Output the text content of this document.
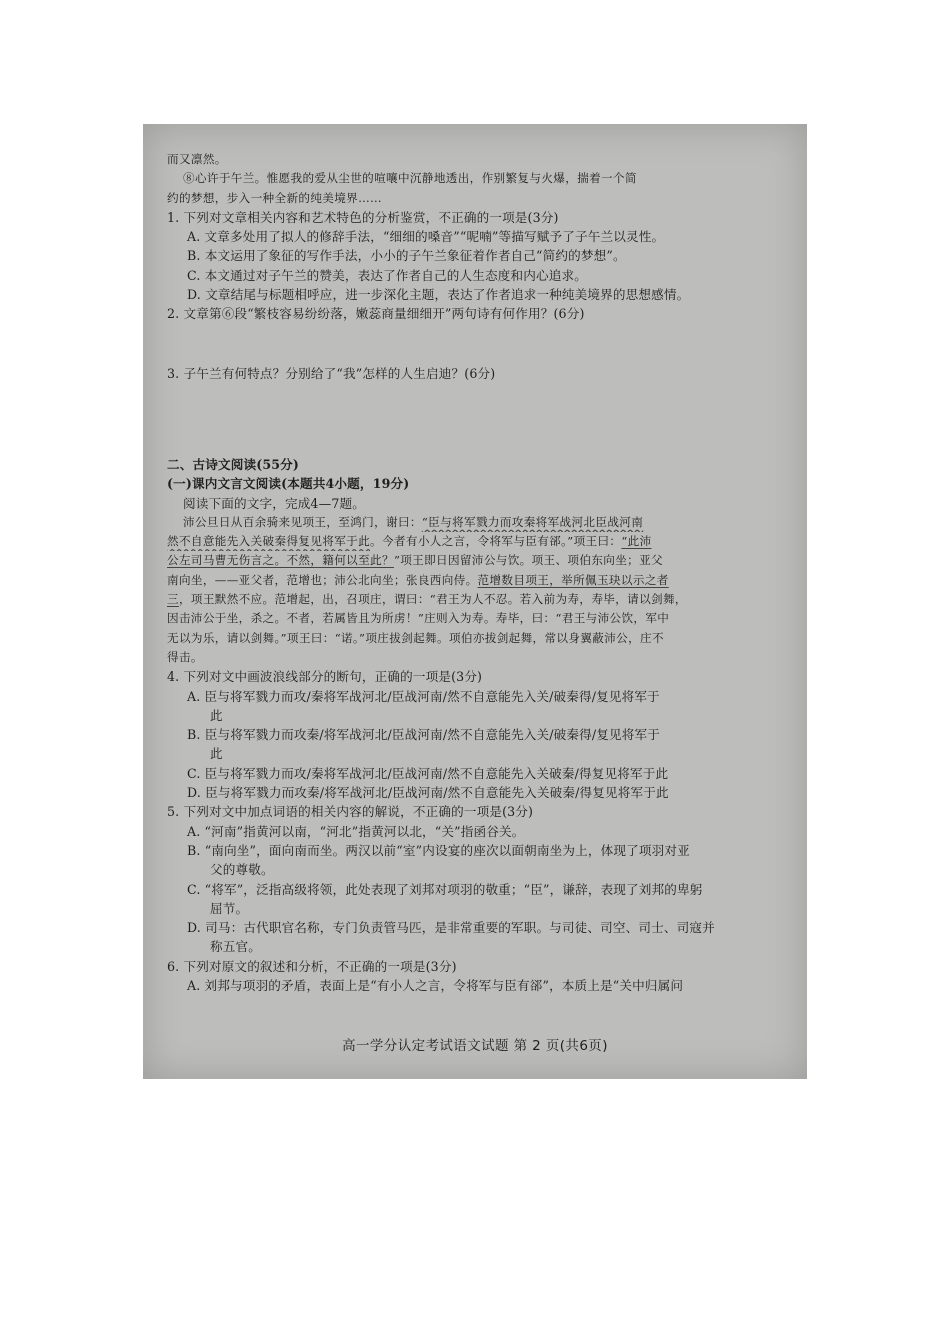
而又凛然。
⑧心许于午兰。惟愿我的爱从尘世的喧嚷中沉静地透出，作别繁复与火爆，揣着一个简
约的梦想，步入一种全新的纯美境界……
1. 下列对文章相关内容和艺术特色的分析鉴赏，不正确的一项是(3分)
A. 文章多处用了拟人的修辞手法，“细细的嗓音”“呢喃”等描写赋予了子午兰以灵性。
B. 本文运用了象征的写作手法，小小的子午兰象征着作者自己“简约的梦想”。
C. 本文通过对子午兰的赞美，表达了作者自己的人生态度和内心追求。
D. 文章结尾与标题相呼应，进一步深化主题，表达了作者追求一种纯美境界的思想感情。
2. 文章第⑥段“繁枝容易纷纷落，嫩蕊商量细细开”两句诗有何作用？(6分)
3. 子午兰有何特点？分别给了“我”怎样的人生启迪？(6分)
二、古诗文阅读(55分)
(一)课内文言文阅读(本题共4小题，19分)
阅读下面的文字，完成4—7题。
沛公旦日从百余骑来见项王，至鸿门，谢曰：“臣与将军戮力而攻秦将军战河北臣战河南
然不自意能先入关破秦得复见将军于此。今者有小人之言，令将军与臣有郤。”项王曰：“此沛
公左司马曹无伤言之。不然，籍何以至此？”项王即日因留沛公与饮。项王、项伯东向坐；亚父
南向坐，——亚父者，范增也；沛公北向坐；张良西向侍。范增数目项王，举所佩玉玦以示之者
三，项王默然不应。范增起，出，召项庄，谓曰：“君王为人不忍。若入前为寿，寿毕，请以剑舞，
因击沛公于坐，杀之。不者，若属皆且为所虏！”庄则入为寿。寿毕，曰：“君王与沛公饮，军中
无以为乐，请以剑舞。”项王曰：“诺。”项庄拔剑起舞。项伯亦拔剑起舞，常以身翼蔽沛公，庄不
得击。
4. 下列对文中画波浪线部分的断句，正确的一项是(3分)
A. 臣与将军戮力而攻/秦将军战河北/臣战河南/然不自意能先入关/破秦得/复见将军于
此
B. 臣与将军戮力而攻秦/将军战河北/臣战河南/然不自意能先入关/破秦得/复见将军于
此
C. 臣与将军戮力而攻/秦将军战河北/臣战河南/然不自意能先入关破秦/得复见将军于此
D. 臣与将军戮力而攻秦/将军战河北/臣战河南/然不自意能先入关破秦/得复见将军于此
5. 下列对文中加点词语的相关内容的解说，不正确的一项是(3分)
A. “河南”指黄河以南，“河北”指黄河以北，“关”指函谷关。
B. “南向坐”，面向南而坐。两汉以前“室”内设宴的座次以面朝南坐为上，体现了项羽对亚
父的尊敬。
C. “将军”，泛指高级将领，此处表现了刘邦对项羽的敬重；“臣”，谦辞，表现了刘邦的卑躬
屈节。
D. 司马：古代职官名称，专门负责管马匹，是非常重要的军职。与司徒、司空、司士、司寇并
称五官。
6. 下列对原文的叙述和分析，不正确的一项是(3分)
A. 刘邦与项羽的矛盾，表面上是“有小人之言，令将军与臣有郤”，本质上是“关中归属问
高一学分认定考试语文试题 第 2 页(共6页)
